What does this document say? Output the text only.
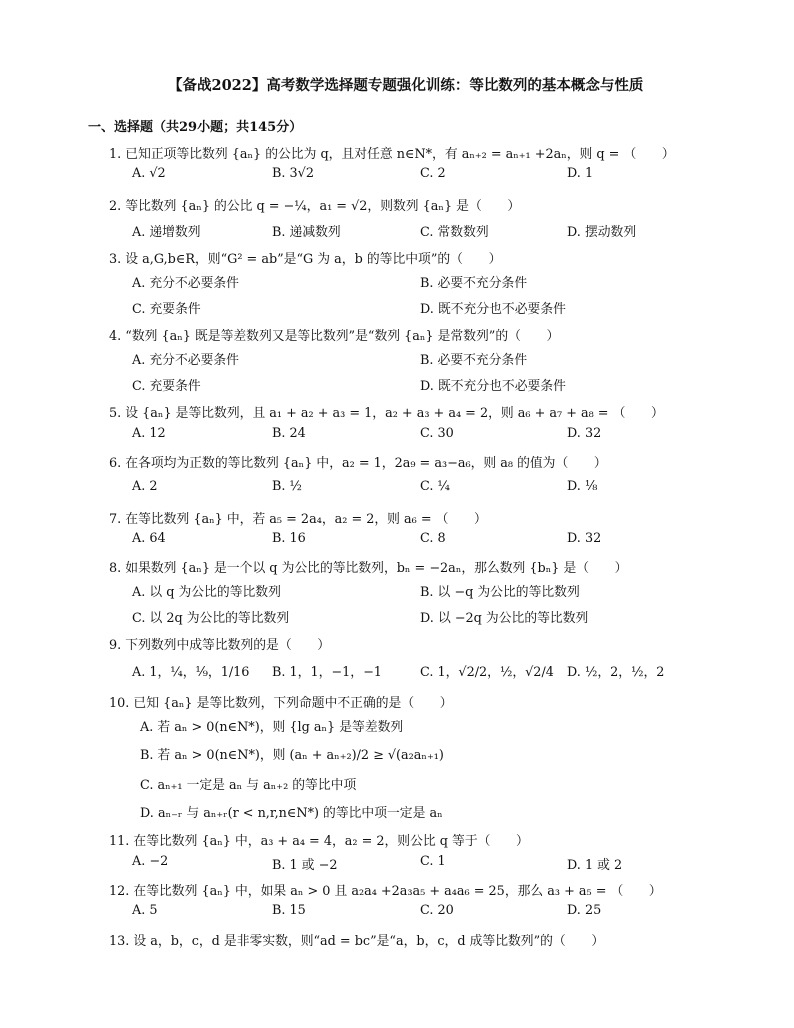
【备战2022】高考数学选择题专题强化训练：等比数列的基本概念与性质
一、选择题（共29小题；共145分）
1. 已知正项等比数列 {aₙ} 的公比为 q，且对任意 n∈N*，有 aₙ₊₂ = aₙ₊₁ +2aₙ，则 q = （　　）
A. √2	B. 3√2	C. 2	D. 1
2. 等比数列 {aₙ} 的公比 q = −¼，a₁ = √2，则数列 {aₙ} 是（　　）
A. 递增数列	B. 递减数列	C. 常数数列	D. 摆动数列
3. 设 a,G,b∈R，则“G² = ab”是“G 为 a，b 的等比中项”的（　　）
A. 充分不必要条件	B. 必要不充分条件
C. 充要条件	D. 既不充分也不必要条件
4. “数列 {aₙ} 既是等差数列又是等比数列”是“数列 {aₙ} 是常数列”的（　　）
A. 充分不必要条件	B. 必要不充分条件
C. 充要条件	D. 既不充分也不必要条件
5. 设 {aₙ} 是等比数列，且 a₁ + a₂ + a₃ = 1，a₂ + a₃ + a₄ = 2，则 a₆ + a₇ + a₈ = （　　）
A. 12	B. 24	C. 30	D. 32
6. 在各项均为正数的等比数列 {aₙ} 中，a₂ = 1，2a₉ = a₃−a₆，则 a₈ 的值为（　　）
A. 2	B. ½	C. ¼	D. ⅛
7. 在等比数列 {aₙ} 中，若 a₅ = 2a₄，a₂ = 2，则 a₆ = （　　）
A. 64	B. 16	C. 8	D. 32
8. 如果数列 {aₙ} 是一个以 q 为公比的等比数列，bₙ = −2aₙ，那么数列 {bₙ} 是（　　）
A. 以 q 为公比的等比数列	B. 以 −q 为公比的等比数列
C. 以 2q 为公比的等比数列	D. 以 −2q 为公比的等比数列
9. 下列数列中成等比数列的是（　　）
A. 1，¼，⅑，1/16 B. 1，1，−1，−1	C. 1，√2/2，½，√2/4 D. ½，2，½，2
10. 已知 {aₙ} 是等比数列，下列命题中不正确的是（　　）
A. 若 aₙ > 0(n∈N*)，则 {lg aₙ} 是等差数列
B. 若 aₙ > 0(n∈N*)，则 (aₙ + aₙ₊₂)/2 ≥ √(a₂aₙ₊₁)
C. aₙ₊₁ 一定是 aₙ 与 aₙ₊₂ 的等比中项
D. aₙ₋ᵣ 与 aₙ₊ᵣ(r < n,r,n∈N*) 的等比中项一定是 aₙ
11. 在等比数列 {aₙ} 中，a₃ + a₄ = 4，a₂ = 2，则公比 q 等于（　　）
A. −2	B. 1 或 −2	C. 1	D. 1 或 2
12. 在等比数列 {aₙ} 中，如果 aₙ > 0 且 a₂a₄ +2a₃a₅ + a₄a₆ = 25，那么 a₃ + a₅ = （　　）
A. 5	B. 15	C. 20	D. 25
13. 设 a，b，c，d 是非零实数，则“ad = bc”是“a，b，c，d 成等比数列”的（　　）
